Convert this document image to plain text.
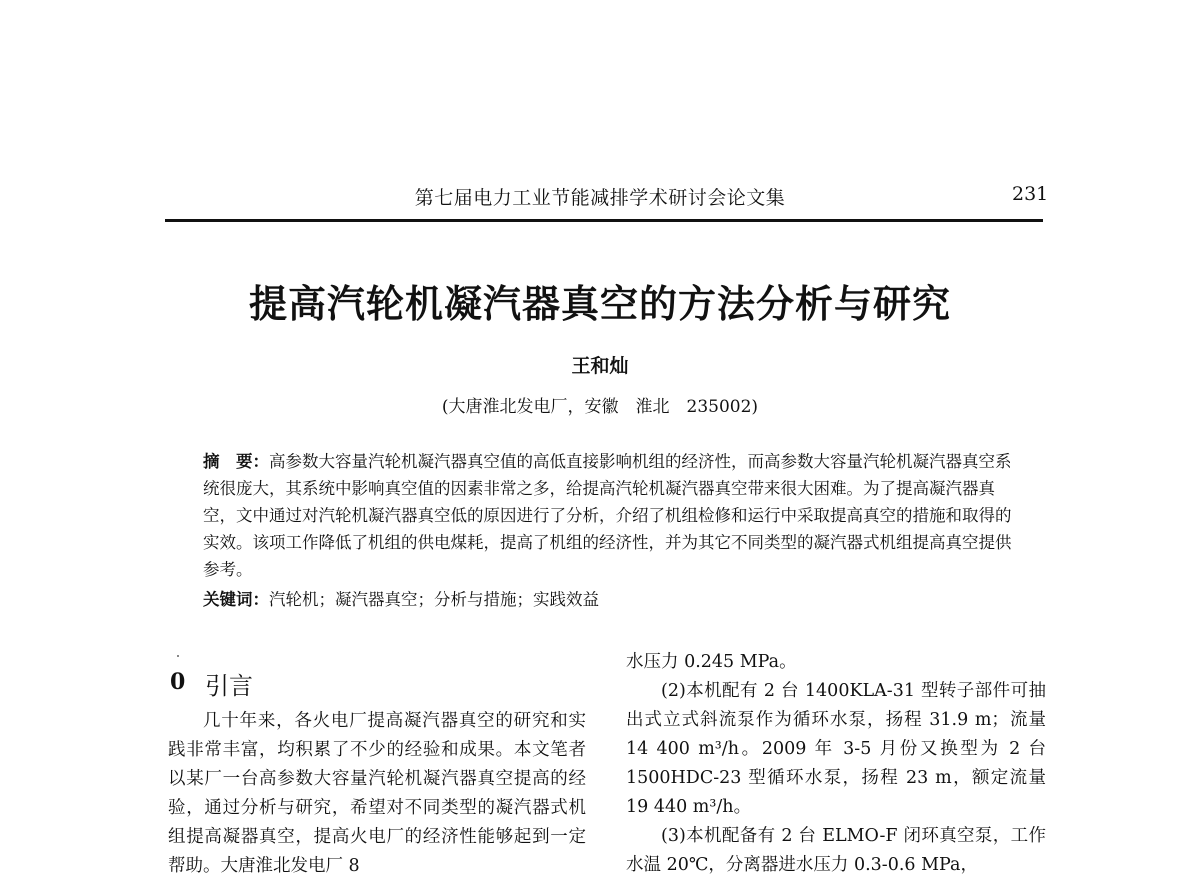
第七届电力工业节能减排学术研讨会论文集	231
提高汽轮机凝汽器真空的方法分析与研究
王和灿
(大唐淮北发电厂，安徽　淮北　235002)
摘　要：高参数大容量汽轮机凝汽器真空值的高低直接影响机组的经济性，而高参数大容量汽轮机凝汽器真空系统很庞大，其系统中影响真空值的因素非常之多，给提高汽轮机凝汽器真空带来很大困难。为了提高凝汽器真空，文中通过对汽轮机凝汽器真空低的原因进行了分析，介绍了机组检修和运行中采取提高真空的措施和取得的实效。该项工作降低了机组的供电煤耗，提高了机组的经济性，并为其它不同类型的凝汽器式机组提高真空提供参考。
关键词：汽轮机；凝汽器真空；分析与措施；实践效益
0 引言

几十年来，各火电厂提高凝汽器真空的研究和实践非常丰富，均积累了不少的经验和成果。本文笔者以某厂一台高参数大容量汽轮机凝汽器真空提高的经验，通过分析与研究，希望对不同类型的凝汽器式机组提高凝器真空，提高火电厂的经济性能够起到一定帮助。大唐淮北发电厂 8

水压力 0.245 MPa。

(2)本机配有 2 台 1400KLA-31 型转子部件可抽出式立式斜流泵作为循环水泵，扬程 31.9 m；流量 14 400 m³/h。2009 年 3-5 月份又换型为 2 台 1500HDC-23 型循环水泵，扬程 23 m，额定流量 19 440 m³/h。

(3)本机配备有 2 台 ELMO-F 闭环真空泵，工作水温 20℃，分离器进水压力 0.3-0.6 MPa，
